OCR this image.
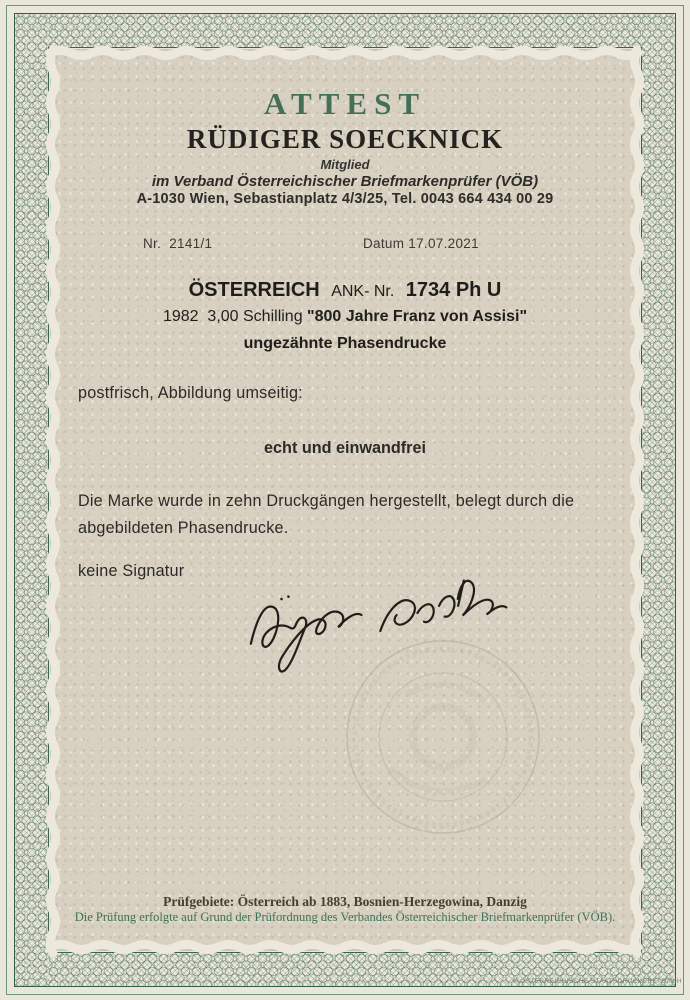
ATTEST
RÜDIGER SOECKNICK
Mitglied
im Verband Österreichischer Briefmarkenprüfer (VÖB)
A-1030 Wien, Sebastianplatz 4/3/25, Tel. 0043 664 434 00 29
Nr.  2141/1	Datum 17.07.2021
ÖSTERREICH ANK- Nr. 1734 Ph U
1982  3,00 Schilling "800 Jahre Franz von Assisi"
ungezähnte Phasendrucke
postfrisch, Abbildung umseitig:
echt und einwandfrei
Die Marke wurde in zehn Druckgängen hergestellt, belegt durch die
abgebildeten Phasendrucke.
keine Signatur
Prüfgebiete: Österreich ab 1883, Bosnien-Herzegowina, Danzig
Die Prüfung erfolgte auf Grund der Prüfordnung des Verbandes Österreichischer Briefmarkenprüfer (VÖB).
© ÖSTERREICHISCHE STAATSDRUCKEREI GmbH
